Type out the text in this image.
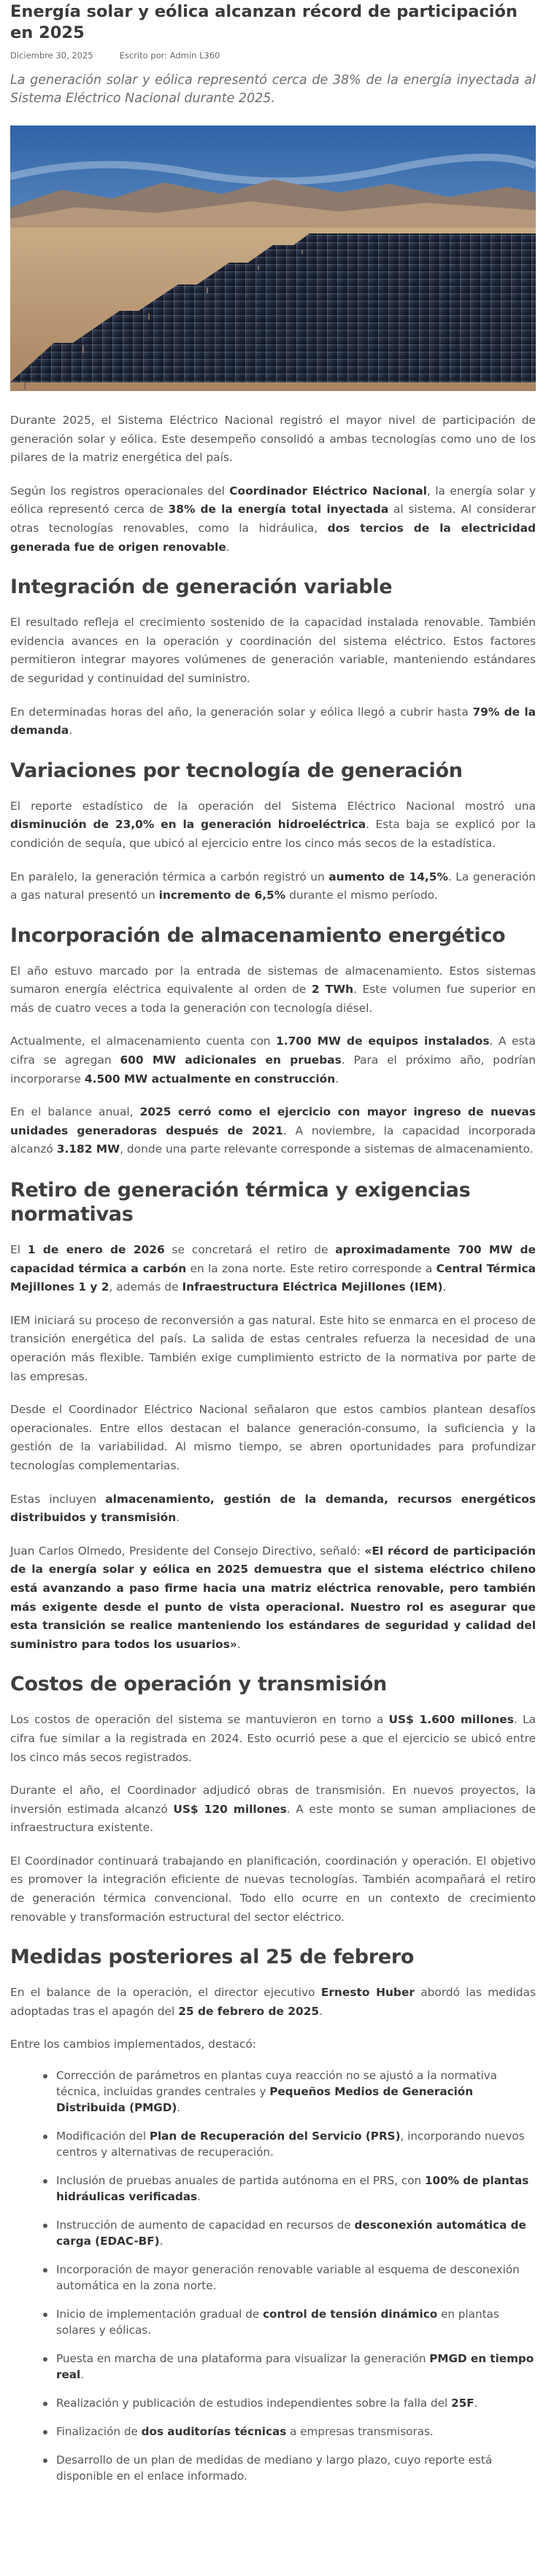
Energía solar y eólica alcanzan récord de participación en 2025
Diciembre 30, 2025	Escrito por: Admin L360
La generación solar y eólica representó cerca de 38% de la energía inyectada al Sistema Eléctrico Nacional durante 2025.

Durante 2025, el Sistema Eléctrico Nacional registró el mayor nivel de participación de generación solar y eólica. Este desempeño consolidó a ambas tecnologías como uno de los pilares de la matriz energética del país.

Según los registros operacionales del Coordinador Eléctrico Nacional, la energía solar y eólica representó cerca de 38% de la energía total inyectada al sistema. Al considerar otras tecnologías renovables, como la hidráulica, dos tercios de la electricidad generada fue de origen renovable.

Integración de generación variable

El resultado refleja el crecimiento sostenido de la capacidad instalada renovable. También evidencia avances en la operación y coordinación del sistema eléctrico. Estos factores permitieron integrar mayores volúmenes de generación variable, manteniendo estándares de seguridad y continuidad del suministro.

En determinadas horas del año, la generación solar y eólica llegó a cubrir hasta 79% de la demanda.

Variaciones por tecnología de generación

El reporte estadístico de la operación del Sistema Eléctrico Nacional mostró una disminución de 23,0% en la generación hidroeléctrica. Esta baja se explicó por la condición de sequía, que ubicó al ejercicio entre los cinco más secos de la estadística.

En paralelo, la generación térmica a carbón registró un aumento de 14,5%. La generación a gas natural presentó un incremento de 6,5% durante el mismo período.

Incorporación de almacenamiento energético

El año estuvo marcado por la entrada de sistemas de almacenamiento. Estos sistemas sumaron energía eléctrica equivalente al orden de 2 TWh. Este volumen fue superior en más de cuatro veces a toda la generación con tecnología diésel.

Actualmente, el almacenamiento cuenta con 1.700 MW de equipos instalados. A esta cifra se agregan 600 MW adicionales en pruebas. Para el próximo año, podrían incorporarse 4.500 MW actualmente en construcción.

En el balance anual, 2025 cerró como el ejercicio con mayor ingreso de nuevas unidades generadoras después de 2021. A noviembre, la capacidad incorporada alcanzó 3.182 MW, donde una parte relevante corresponde a sistemas de almacenamiento.

Retiro de generación térmica y exigencias normativas

El 1 de enero de 2026 se concretará el retiro de aproximadamente 700 MW de capacidad térmica a carbón en la zona norte. Este retiro corresponde a Central Térmica Mejillones 1 y 2, además de Infraestructura Eléctrica Mejillones (IEM).

IEM iniciará su proceso de reconversión a gas natural. Este hito se enmarca en el proceso de transición energética del país. La salida de estas centrales refuerza la necesidad de una operación más flexible. También exige cumplimiento estricto de la normativa por parte de las empresas.

Desde el Coordinador Eléctrico Nacional señalaron que estos cambios plantean desafíos operacionales. Entre ellos destacan el balance generación-consumo, la suficiencia y la gestión de la variabilidad. Al mismo tiempo, se abren oportunidades para profundizar tecnologías complementarias.

Estas incluyen almacenamiento, gestión de la demanda, recursos energéticos distribuidos y transmisión.

Juan Carlos Olmedo, Presidente del Consejo Directivo, señaló: «El récord de participación de la energía solar y eólica en 2025 demuestra que el sistema eléctrico chileno está avanzando a paso firme hacia una matriz eléctrica renovable, pero también más exigente desde el punto de vista operacional. Nuestro rol es asegurar que esta transición se realice manteniendo los estándares de seguridad y calidad del suministro para todos los usuarios».

Costos de operación y transmisión

Los costos de operación del sistema se mantuvieron en torno a US$ 1.600 millones. La cifra fue similar a la registrada en 2024. Esto ocurrió pese a que el ejercicio se ubicó entre los cinco más secos registrados.

Durante el año, el Coordinador adjudicó obras de transmisión. En nuevos proyectos, la inversión estimada alcanzó US$ 120 millones. A este monto se suman ampliaciones de infraestructura existente.

El Coordinador continuará trabajando en planificación, coordinación y operación. El objetivo es promover la integración eficiente de nuevas tecnologías. También acompañará el retiro de generación térmica convencional. Todo ello ocurre en un contexto de crecimiento renovable y transformación estructural del sector eléctrico.

Medidas posteriores al 25 de febrero

En el balance de la operación, el director ejecutivo Ernesto Huber abordó las medidas adoptadas tras el apagón del 25 de febrero de 2025.

Entre los cambios implementados, destacó:

Corrección de parámetros en plantas cuya reacción no se ajustó a la normativa técnica, incluidas grandes centrales y Pequeños Medios de Generación Distribuida (PMGD).
Modificación del Plan de Recuperación del Servicio (PRS), incorporando nuevos centros y alternativas de recuperación.
Inclusión de pruebas anuales de partida autónoma en el PRS, con 100% de plantas hidráulicas verificadas.
Instrucción de aumento de capacidad en recursos de desconexión automática de carga (EDAC-BF).
Incorporación de mayor generación renovable variable al esquema de desconexión automática en la zona norte.
Inicio de implementación gradual de control de tensión dinámico en plantas solares y eólicas.
Puesta en marcha de una plataforma para visualizar la generación PMGD en tiempo real.
Realización y publicación de estudios independientes sobre la falla del 25F.
Finalización de dos auditorías técnicas a empresas transmisoras.
Desarrollo de un plan de medidas de mediano y largo plazo, cuyo reporte está disponible en el enlace informado.
